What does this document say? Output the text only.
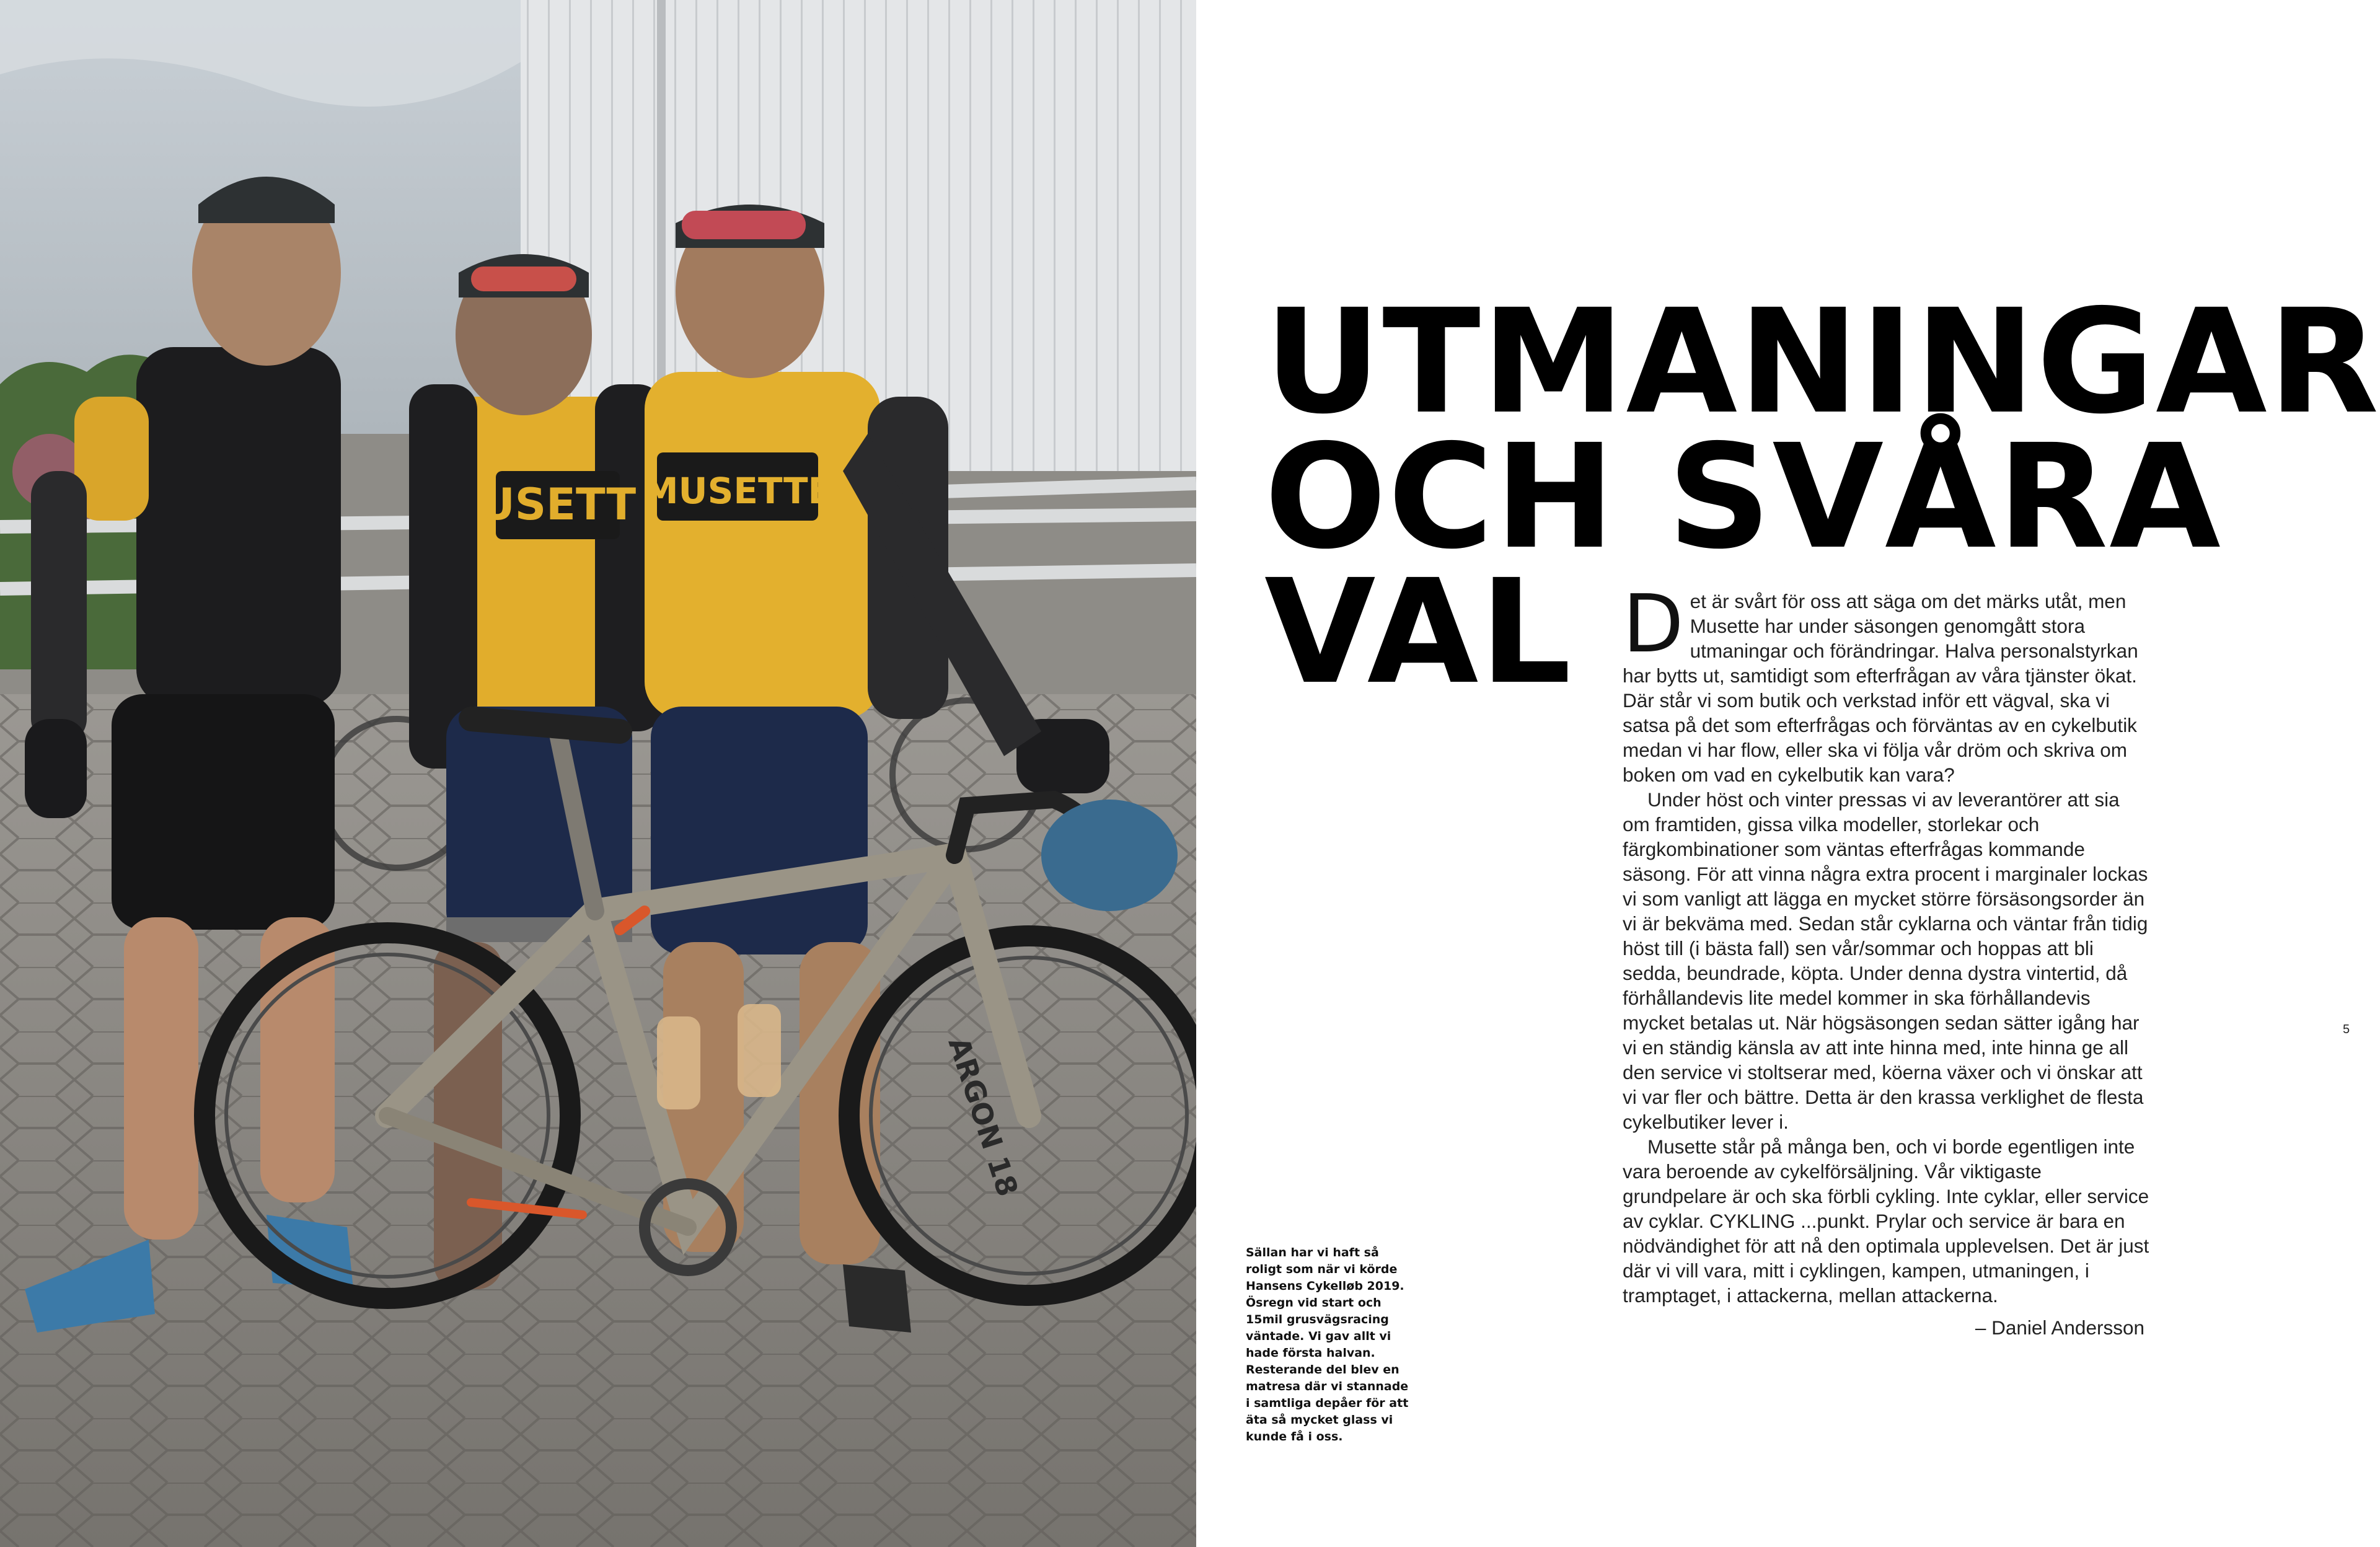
USETT MUSETTE
ARGON 18

Sällan har vi haft så

roligt som när vi körde

Hansens Cykelløb 2019.

Ösregn vid start och

15mil grusvägsracing

väntade. Vi gav allt vi

hade första halvan.

Resterande del blev en

matresa där vi stannade

i samtliga depåer för att

äta så mycket glass vi

kunde få i oss.

UTMANINGAR
OCH SVÅRA
VAL Det är svårt för oss att säga om det märks utåt, men Musette har under säsongen genomgått stora utmaningar och förändringar. Halva personalstyrkan har bytts ut, samtidigt som efterfrågan av våra tjänster ökat. Där står vi som butik och verkstad inför ett vägval, ska vi satsa på det som efterfrågas och förväntas av en cykelbutik medan vi har flow, eller ska vi följa vår dröm och skriva om boken om vad en cykelbutik kan vara?

Under höst och vinter pressas vi av leverantörer att sia om framtiden, gissa vilka modeller, storlekar och färgkombinationer som väntas efterfrågas kommande säsong. För att vinna några extra procent i marginaler lockas vi som vanligt att lägga en mycket större försäsongsorder än vi är bekväma med. Sedan står cyklarna och väntar från tidig höst till (i bästa fall) sen vår/sommar och hoppas att bli sedda, beundrade, köpta. Under denna dystra vintertid, då förhållandevis lite medel kommer in ska förhållandevis mycket betalas ut. När högsäsongen sedan sätter igång har vi en ständig känsla av att inte hinna med, inte hinna ge all den service vi stoltserar med, köerna växer och vi önskar att vi var fler och bättre. Detta är den krassa verklighet de flesta cykelbutiker lever i.

Musette står på många ben, och vi borde egentligen inte vara beroende av cykelförsäljning. Vår viktigaste grundpelare är och ska förbli cykling. Inte cyklar, eller service av cyklar. CYKLING ...punkt. Prylar och service är bara en nödvändighet för att nå den optimala upplevelsen. Det är just där vi vill vara, mitt i cyklingen, kampen, utmaningen, i tramptaget, i attackerna, mellan attackerna.

– Daniel Andersson
5
